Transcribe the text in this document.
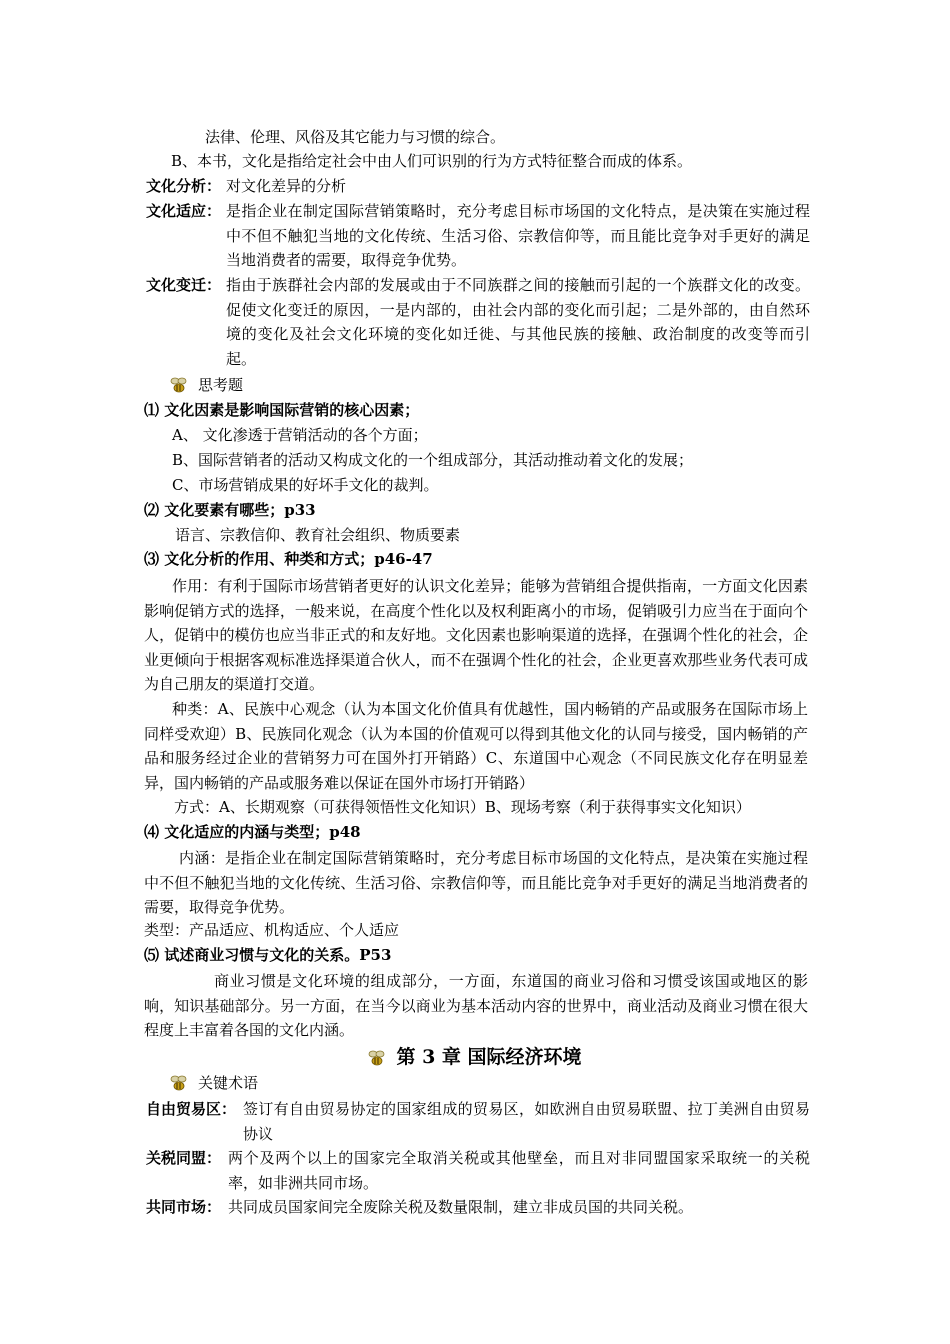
法律、伦理、风俗及其它能力与习惯的综合。
B、本书，文化是指给定社会中由人们可识别的行为方式特征整合而成的体系。
文化分析： 对文化差异的分析
文化适应： 是指企业在制定国际营销策略时，充分考虑目标市场国的文化特点，是决策在实施过程中不但不触犯当地的文化传统、生活习俗、宗教信仰等，而且能比竞争对手更好的满足当地消费者的需要，取得竞争优势。
文化变迁： 指由于族群社会内部的发展或由于不同族群之间的接触而引起的一个族群文化的改变。促使文化变迁的原因，一是内部的，由社会内部的变化而引起；二是外部的，由自然环境的变化及社会文化环境的变化如迁徙、与其他民族的接触、政治制度的改变等而引起。
思考题
⑴ 文化因素是影响国际营销的核心因素；
A、 文化渗透于营销活动的各个方面；
B、国际营销者的活动又构成文化的一个组成部分，其活动推动着文化的发展；
C、市场营销成果的好坏手文化的裁判。
⑵ 文化要素有哪些；p33
语言、宗教信仰、教育社会组织、物质要素
⑶ 文化分析的作用、种类和方式；p46-47
作用：有利于国际市场营销者更好的认识文化差异；能够为营销组合提供指南，一方面文化因素影响促销方式的选择，一般来说，在高度个性化以及权利距离小的市场，促销吸引力应当在于面向个人，促销中的模仿也应当非正式的和友好地。文化因素也影响渠道的选择，在强调个性化的社会，企业更倾向于根据客观标准选择渠道合伙人，而不在强调个性化的社会，企业更喜欢那些业务代表可成为自己朋友的渠道打交道。
种类：A、民族中心观念（认为本国文化价值具有优越性，国内畅销的产品或服务在国际市场上同样受欢迎）B、民族同化观念（认为本国的价值观可以得到其他文化的认同与接受，国内畅销的产品和服务经过企业的营销努力可在国外打开销路）C、东道国中心观念（不同民族文化存在明显差异，国内畅销的产品或服务难以保证在国外市场打开销路）
方式：A、长期观察（可获得领悟性文化知识）B、现场考察（利于获得事实文化知识）
⑷ 文化适应的内涵与类型；p48
内涵：是指企业在制定国际营销策略时，充分考虑目标市场国的文化特点，是决策在实施过程中不但不触犯当地的文化传统、生活习俗、宗教信仰等，而且能比竞争对手更好的满足当地消费者的需要，取得竞争优势。
类型：产品适应、机构适应、个人适应
⑸ 试述商业习惯与文化的关系。P53
商业习惯是文化环境的组成部分，一方面，东道国的商业习俗和习惯受该国或地区的影响，知识基础部分。另一方面，在当今以商业为基本活动内容的世界中，商业活动及商业习惯在很大程度上丰富着各国的文化内涵。
第 3 章 国际经济环境
关键术语
自由贸易区： 签订有自由贸易协定的国家组成的贸易区，如欧洲自由贸易联盟、拉丁美洲自由贸易协议
关税同盟： 两个及两个以上的国家完全取消关税或其他壁垒，而且对非同盟国家采取统一的关税率，如非洲共同市场。
共同市场： 共同成员国家间完全废除关税及数量限制，建立非成员国的共同关税。
